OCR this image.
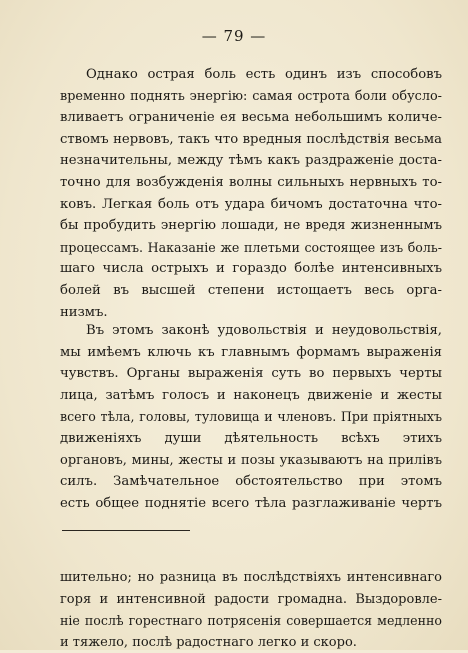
— 79 —
Однако острая боль есть одинъ изъ способовъ
временно поднять энергію: самая острота боли обусло-
вливаетъ ограниченіе ея весьма небольшимъ количе-
ствомъ нервовъ, такъ что вредныя послѣдствія весьма
незначительны, между тѣмъ какъ раздраженіе доста-
точно для возбужденія волны сильныхъ нервныхъ то-
ковъ. Легкая боль отъ удара бичомъ достаточна что-
бы пробудить энергію лошади, не вредя жизненнымъ
процессамъ. Наказаніе же плетьми состоящее изъ боль-
шаго числа острыхъ и гораздо болѣе интенсивныхъ
болей въ высшей степени истощаетъ весь орга-
низмъ.
Въ этомъ законѣ удовольствія и неудовольствія,
мы имѣемъ ключь къ главнымъ формамъ выраженія
чувствъ. Органы выраженія суть во первыхъ черты
лица, затѣмъ голосъ и наконецъ движеніе и жесты
всего тѣла, головы, туловища и членовъ. При пріятныхъ
движеніяхъ души дѣятельность всѣхъ этихъ
органовъ, мины, жесты и позы указываютъ на прилівъ
силъ. Замѣчательное обстоятельство при этомъ
есть общее поднятіе всего тѣла разглаживаніе чертъ
шительно; но разница въ послѣдствіяхъ интенсивнаго
горя и интенсивной радости громадна. Выздоровле-
ніе послѣ горестнаго потрясенія совершается медленно
и тяжело, послѣ радостнаго легко и скоро.
